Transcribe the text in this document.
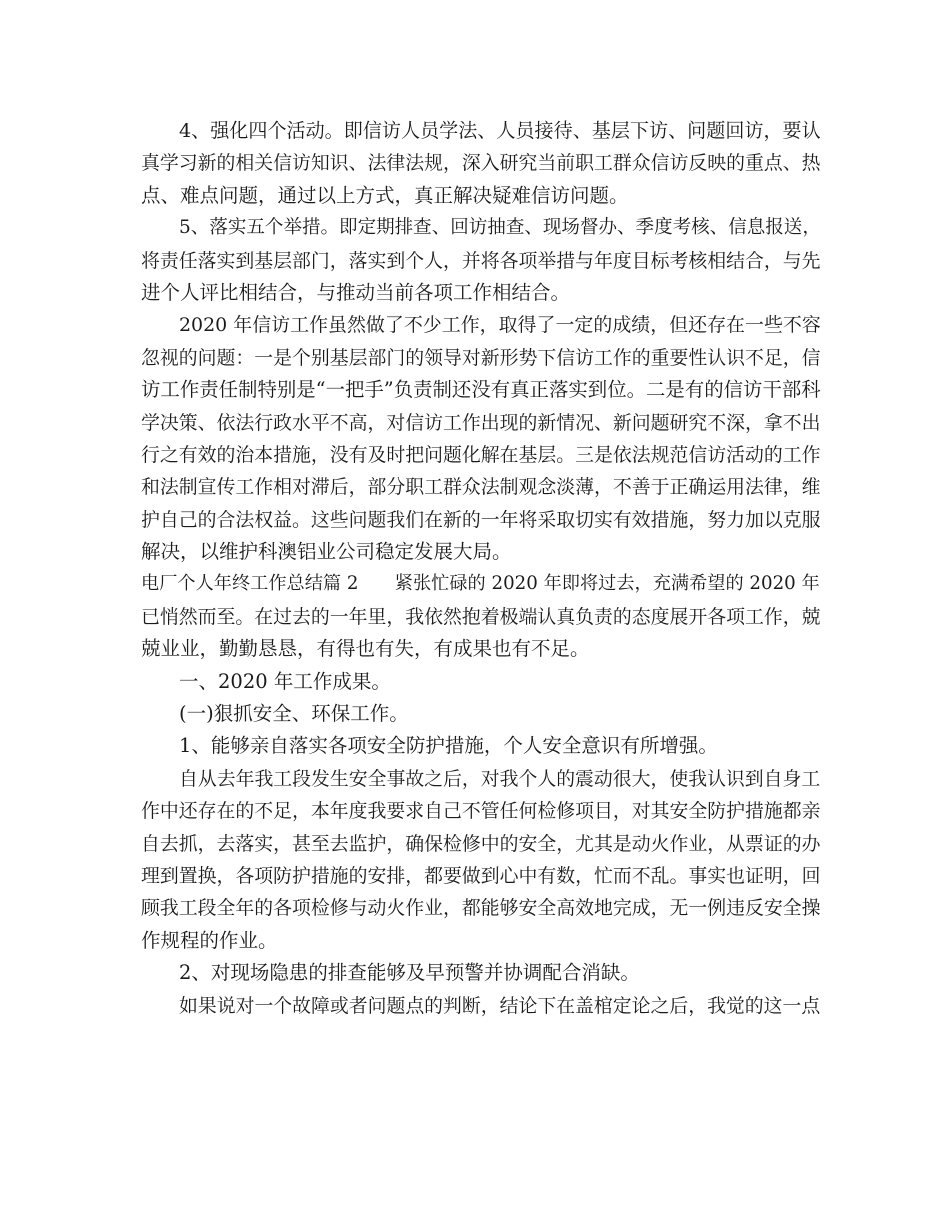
4、强化四个活动。即信访人员学法、人员接待、基层下访、问题回访，要认
真学习新的相关信访知识、法律法规，深入研究当前职工群众信访反映的重点、热
点、难点问题，通过以上方式，真正解决疑难信访问题。
5、落实五个举措。即定期排查、回访抽查、现场督办、季度考核、信息报送，
将责任落实到基层部门，落实到个人，并将各项举措与年度目标考核相结合，与先
进个人评比相结合，与推动当前各项工作相结合。
2020 年信访工作虽然做了不少工作，取得了一定的成绩，但还存在一些不容
忽视的问题：一是个别基层部门的领导对新形势下信访工作的重要性认识不足，信
访工作责任制特别是“一把手”负责制还没有真正落实到位。二是有的信访干部科
学决策、依法行政水平不高，对信访工作出现的新情况、新问题研究不深，拿不出
行之有效的治本措施，没有及时把问题化解在基层。三是依法规范信访活动的工作
和法制宣传工作相对滞后，部分职工群众法制观念淡薄，不善于正确运用法律，维
护自己的合法权益。这些问题我们在新的一年将采取切实有效措施，努力加以克服
解决，以维护科澳铝业公司稳定发展大局。
电厂个人年终工作总结篇 2　　紧张忙碌的 2020 年即将过去，充满希望的 2020 年
已悄然而至。在过去的一年里，我依然抱着极端认真负责的态度展开各项工作，兢
兢业业，勤勤恳恳，有得也有失，有成果也有不足。
一、2020 年工作成果。
(一)狠抓安全、环保工作。
1、能够亲自落实各项安全防护措施，个人安全意识有所增强。
自从去年我工段发生安全事故之后，对我个人的震动很大，使我认识到自身工
作中还存在的不足，本年度我要求自己不管任何检修项目，对其安全防护措施都亲
自去抓，去落实，甚至去监护，确保检修中的安全，尤其是动火作业，从票证的办
理到置换，各项防护措施的安排，都要做到心中有数，忙而不乱。事实也证明，回
顾我工段全年的各项检修与动火作业，都能够安全高效地完成，无一例违反安全操
作规程的作业。
2、对现场隐患的排查能够及早预警并协调配合消缺。
如果说对一个故障或者问题点的判断，结论下在盖棺定论之后，我觉的这一点
